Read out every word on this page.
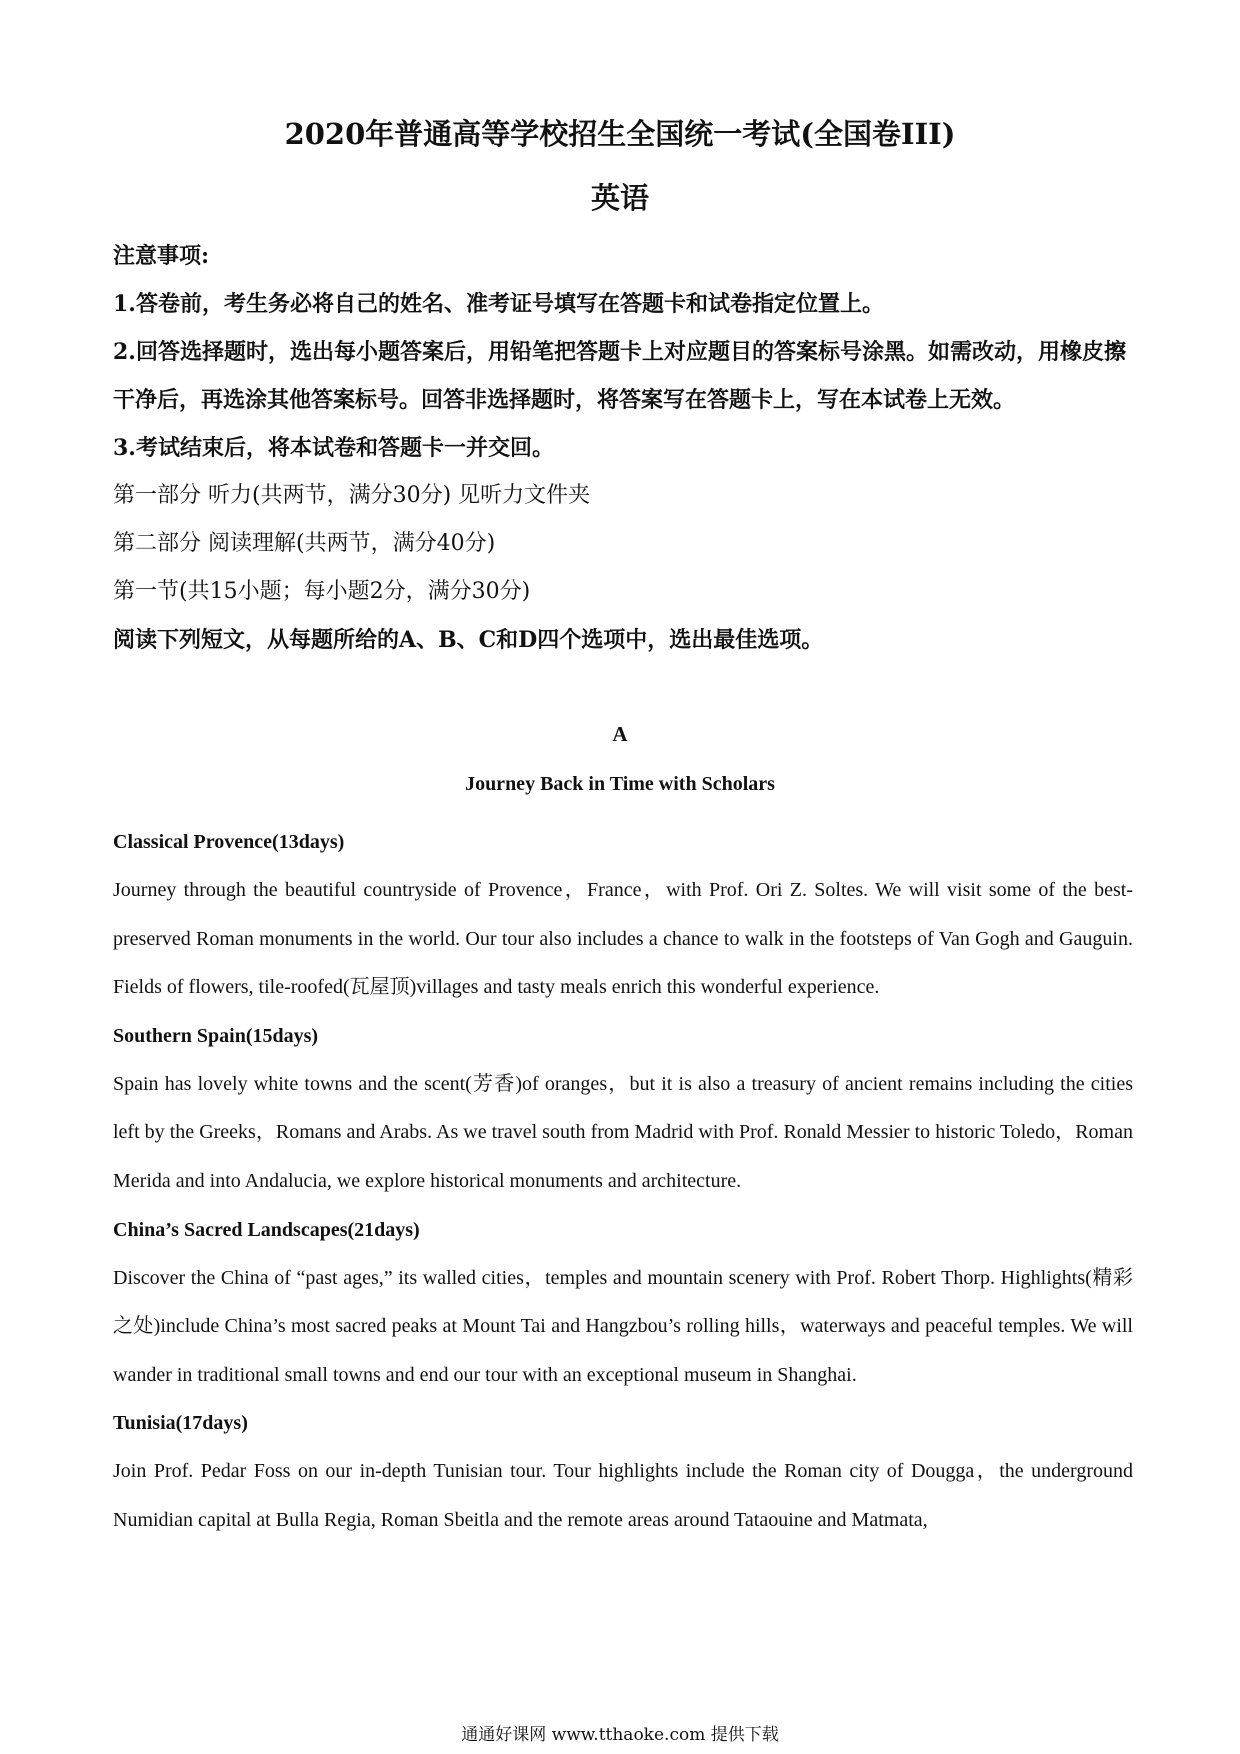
2020年普通高等学校招生全国统一考试(全国卷III)
英语

注意事项:

1.答卷前，考生务必将自己的姓名、准考证号填写在答题卡和试卷指定位置上。

2.回答选择题时，选出每小题答案后，用铅笔把答题卡上对应题目的答案标号涂黑。如需改动，用橡皮擦干净后，再选涂其他答案标号。回答非选择题时，将答案写在答题卡上，写在本试卷上无效。

3.考试结束后，将本试卷和答题卡一并交回。

第一部分 听力(共两节，满分30分) 见听力文件夹

第二部分 阅读理解(共两节，满分40分)

第一节(共15小题；每小题2分，满分30分)

阅读下列短文，从每题所给的A、B、C和D四个选项中，选出最佳选项。

A
Journey Back in Time with Scholars
Classical Provence(13days)

Journey through the beautiful countryside of Provence，France，with Prof. Ori Z. Soltes. We will visit some of the best-preserved Roman monuments in the world. Our tour also includes a chance to walk in the footsteps of Van Gogh and Gauguin. Fields of flowers, tile-roofed(瓦屋顶)villages and tasty meals enrich this wonderful experience.

Southern Spain(15days)

Spain has lovely white towns and the scent(芳香)of oranges，but it is also a treasury of ancient remains including the cities left by the Greeks，Romans and Arabs. As we travel south from Madrid with Prof. Ronald Messier to historic Toledo，Roman Merida and into Andalucia, we explore historical monuments and architecture.

China’s Sacred Landscapes(21days)

Discover the China of “past ages,” its walled cities，temples and mountain scenery with Prof. Robert Thorp. Highlights(精彩之处)include China’s most sacred peaks at Mount Tai and Hangzbou’s rolling hills，waterways and peaceful temples. We will wander in traditional small towns and end our tour with an exceptional museum in Shanghai.

Tunisia(17days)

Join Prof. Pedar Foss on our in-depth Tunisian tour. Tour highlights include the Roman city of Dougga，the underground Numidian capital at Bulla Regia, Roman Sbeitla and the remote areas around Tataouine and Matmata,

通通好课网 www.tthaoke.com 提供下载
